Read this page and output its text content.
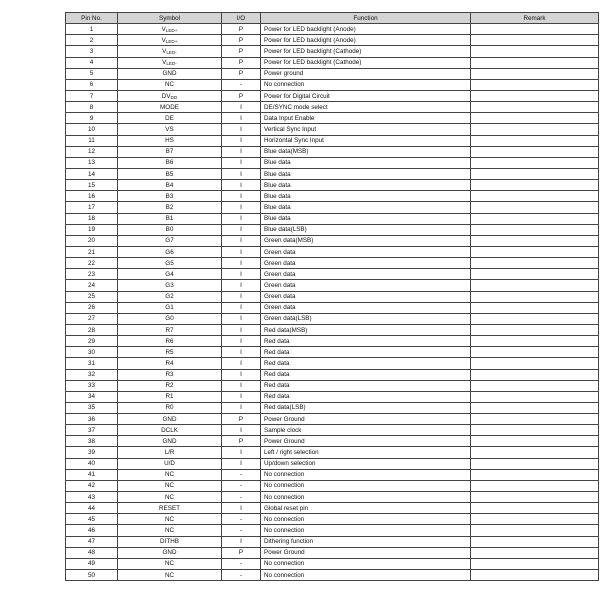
Pin No.	Symbol	I/O	Function	Remark
1	$V_{LED+}$	P	Power for LED backlight (Anode)	
2	$V_{LED+}$	P	Power for LED backlight (Anode)	
3	$V_{LED-}$	P	Power for LED backlight (Cathode)	
4	$V_{LED-}$	P	Power for LED backlight (Cathode)	
5	GND	P	Power ground	
6	NC	-	No connection	
7	$DV_{DD}$	P	Power for Digital Circuit	
8	MODE	I	DE/SYNC mode select	
9	DE	I	Data Input Enable	
10	VS	I	Vertical Sync Input	
11	HS	I	Horizontal Sync Input	
12	B7	I	Blue data(MSB)	
13	B6	I	Blue data	
14	B5	I	Blue data	
15	B4	I	Blue data	
16	B3	I	Blue data	
17	B2	I	Blue data	
18	B1	I	Blue data	
19	B0	I	Blue data(LSB)	
20	G7	I	Green data(MSB)	
21	G6	I	Green data	
22	G5	I	Green data	
23	G4	I	Green data	
24	G3	I	Green data	
25	G2	I	Green data	
26	G1	I	Green data	
27	G0	I	Green data(LSB)	
28	R7	I	Red data(MSB)	
29	R6	I	Red data	
30	R5	I	Red data	
31	R4	I	Red data	
32	R3	I	Red data	
33	R2	I	Red data	
34	R1	I	Red data	
35	R0	I	Red data(LSB)	
36	GND	P	Power Ground	
37	DCLK	I	Sample clock	
38	GND	P	Power Ground	
39	L/R	I	Left / right selection	
40	U/D	I	Up/down selection	
41	NC	-	No connection	
42	NC	-	No connection	
43	NC	-	No connection	
44	RESET	I	Global reset pin	
45	NC	-	No connection	
46	NC	-	No connection	
47	DITHB	I	Dithering function	
48	GND	P	Power Ground	
49	NC	-	No connection	
50	NC	-	No connection	
